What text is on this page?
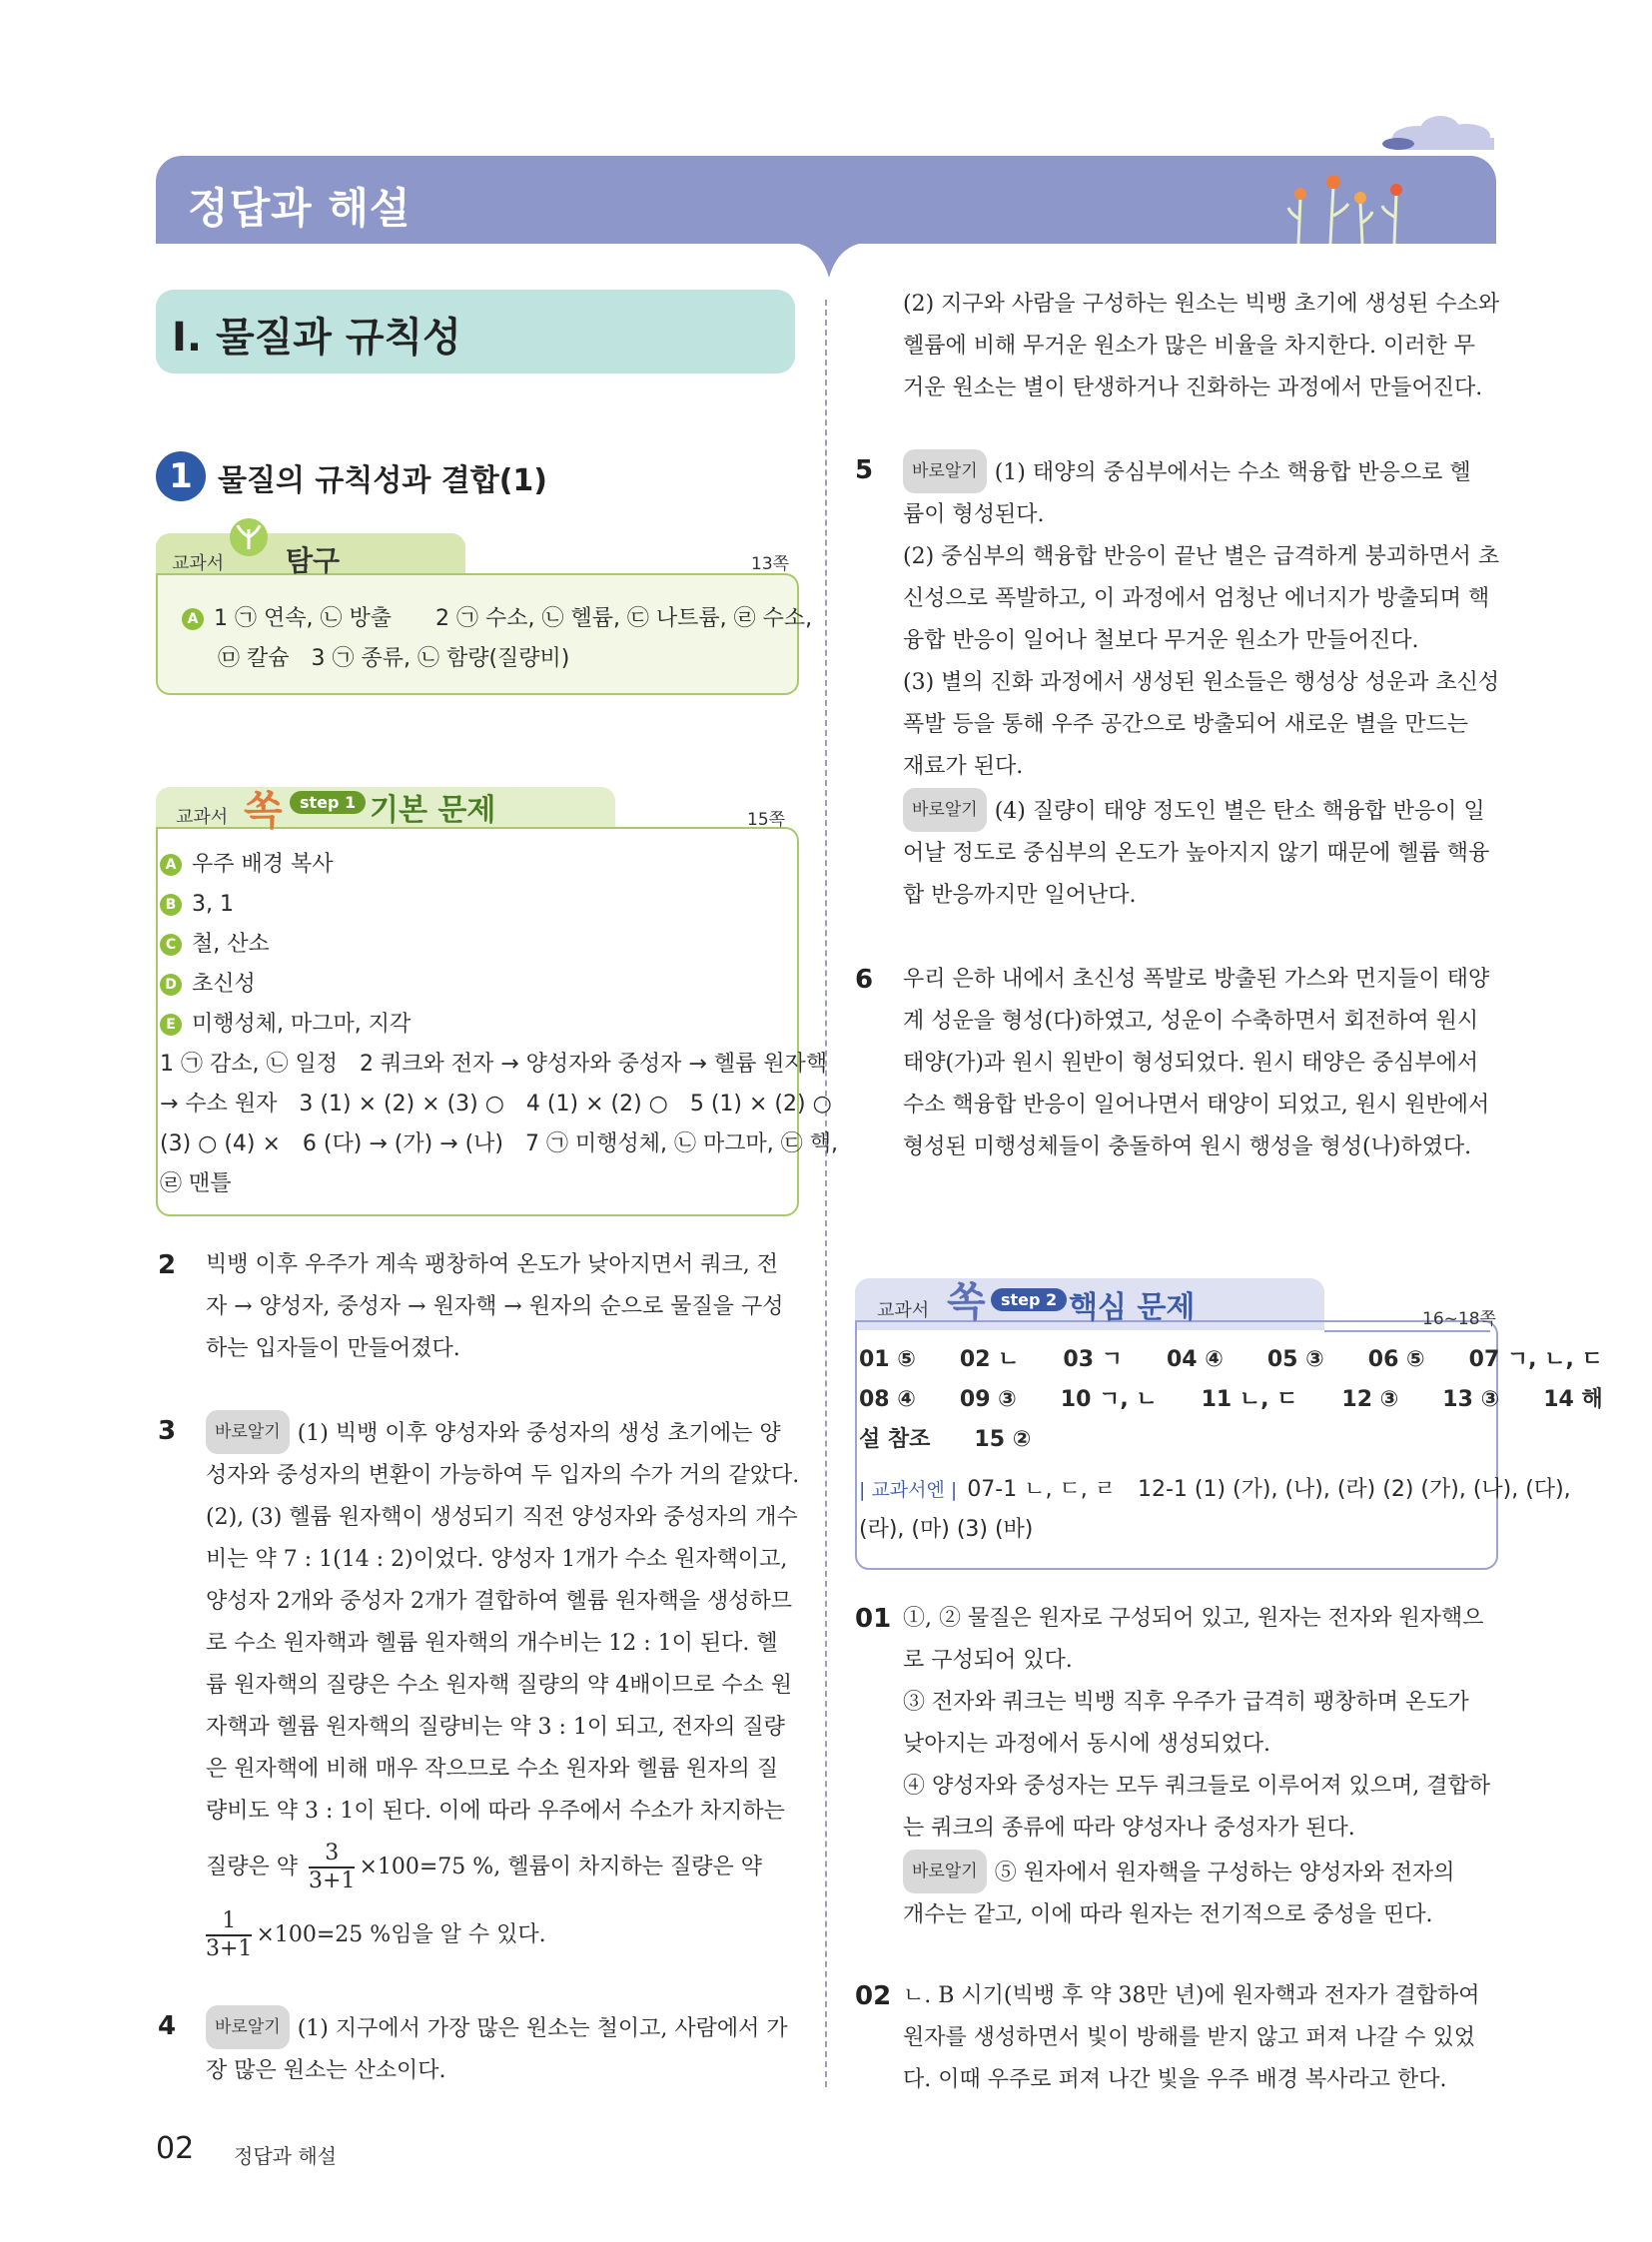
정답과 해설
Ⅰ. 물질과 규칙성
1 물질의 규칙성과 결합(1)
교과서 탐구	13쪽
A 1 ㉠ 연속, ㉡ 방출　　2 ㉠ 수소, ㉡ 헬륨, ㉢ 나트륨, ㉣ 수소,
㉤ 칼슘　3 ㉠ 종류, ㉡ 함량(질량비)
교과서 쏙	step 1 기본 문제	15쪽
A 우주 배경 복사
B 3, 1
C 철, 산소
D 초신성
E 미행성체, 마그마, 지각
1 ㉠ 감소, ㉡ 일정　2 쿼크와 전자 → 양성자와 중성자 → 헬륨 원자핵
→ 수소 원자　3 (1) × (2) × (3) ○　4 (1) × (2) ○　5 (1) × (2) ○
(3) ○ (4) ×　6 (다) → (가) → (나)　7 ㉠ 미행성체, ㉡ 마그마, ㉢ 핵,
㉣ 맨틀
2 빅뱅 이후 우주가 계속 팽창하여 온도가 낮아지면서 쿼크, 전
자 → 양성자, 중성자 → 원자핵 → 원자의 순으로 물질을 구성
하는 입자들이 만들어졌다.
3	바로알기 (1) 빅뱅 이후 양성자와 중성자의 생성 초기에는 양
성자와 중성자의 변환이 가능하여 두 입자의 수가 거의 같았다.
(2), (3) 헬륨 원자핵이 생성되기 직전 양성자와 중성자의 개수
비는 약 7 : 1(14 : 2)이었다. 양성자 1개가 수소 원자핵이고,
양성자 2개와 중성자 2개가 결합하여 헬륨 원자핵을 생성하므
로 수소 원자핵과 헬륨 원자핵의 개수비는 12 : 1이 된다. 헬
륨 원자핵의 질량은 수소 원자핵 질량의 약 4배이므로 수소 원
자핵과 헬륨 원자핵의 질량비는 약 3 : 1이 되고, 전자의 질량
은 원자핵에 비해 매우 작으므로 수소 원자와 헬륨 원자의 질
량비도 약 3 : 1이 된다. 이에 따라 우주에서 수소가 차지하는
질량은 약 $\frac{3}{3+1} \times 100=75$ %, 헬륨이 차지하는 질량은 약
$\frac{1}{3+1} \times 100=25$ %임을 알 수 있다.
4	바로알기 (1) 지구에서 가장 많은 원소는 철이고, 사람에서 가
장 많은 원소는 산소이다.
(2) 지구와 사람을 구성하는 원소는 빅뱅 초기에 생성된 수소와
헬륨에 비해 무거운 원소가 많은 비율을 차지한다. 이러한 무
거운 원소는 별이 탄생하거나 진화하는 과정에서 만들어진다.
5	바로알기 (1) 태양의 중심부에서는 수소 핵융합 반응으로 헬
륨이 형성된다.
(2) 중심부의 핵융합 반응이 끝난 별은 급격하게 붕괴하면서 초
신성으로 폭발하고, 이 과정에서 엄청난 에너지가 방출되며 핵
융합 반응이 일어나 철보다 무거운 원소가 만들어진다.
(3) 별의 진화 과정에서 생성된 원소들은 행성상 성운과 초신성
폭발 등을 통해 우주 공간으로 방출되어 새로운 별을 만드는
재료가 된다.
바로알기 (4) 질량이 태양 정도인 별은 탄소 핵융합 반응이 일
어날 정도로 중심부의 온도가 높아지지 않기 때문에 헬륨 핵융
합 반응까지만 일어난다.
6 우리 은하 내에서 초신성 폭발로 방출된 가스와 먼지들이 태양
계 성운을 형성(다)하였고, 성운이 수축하면서 회전하여 원시
태양(가)과 원시 원반이 형성되었다. 원시 태양은 중심부에서
수소 핵융합 반응이 일어나면서 태양이 되었고, 원시 원반에서
형성된 미행성체들이 충돌하여 원시 행성을 형성(나)하였다.
교과서 쏙 step 2 핵심 문제	16~18쪽
01 ⑤　　02 ㄴ　　03 ㄱ　　04 ④　　05 ③　　06 ⑤　　07 ㄱ, ㄴ, ㄷ
08 ④　　09 ③　　10 ㄱ, ㄴ　　11 ㄴ, ㄷ　　12 ③　　13 ③　　14 해
설 참조　　15 ②
| 교과서엔 | 07-1 ㄴ, ㄷ, ㄹ　12-1 (1) (가), (나), (라) (2) (가), (나), (다),
(라), (마) (3) (바)
01 ①, ② 물질은 원자로 구성되어 있고, 원자는 전자와 원자핵으
로 구성되어 있다.
③ 전자와 쿼크는 빅뱅 직후 우주가 급격히 팽창하며 온도가
낮아지는 과정에서 동시에 생성되었다.
④ 양성자와 중성자는 모두 쿼크들로 이루어져 있으며, 결합하
는 쿼크의 종류에 따라 양성자나 중성자가 된다.
바로알기 ⑤ 원자에서 원자핵을 구성하는 양성자와 전자의
개수는 같고, 이에 따라 원자는 전기적으로 중성을 띤다.
02 ㄴ. B 시기(빅뱅 후 약 38만 년)에 원자핵과 전자가 결합하여
원자를 생성하면서 빛이 방해를 받지 않고 퍼져 나갈 수 있었
다. 이때 우주로 퍼져 나간 빛을 우주 배경 복사라고 한다.
02 정답과 해설
